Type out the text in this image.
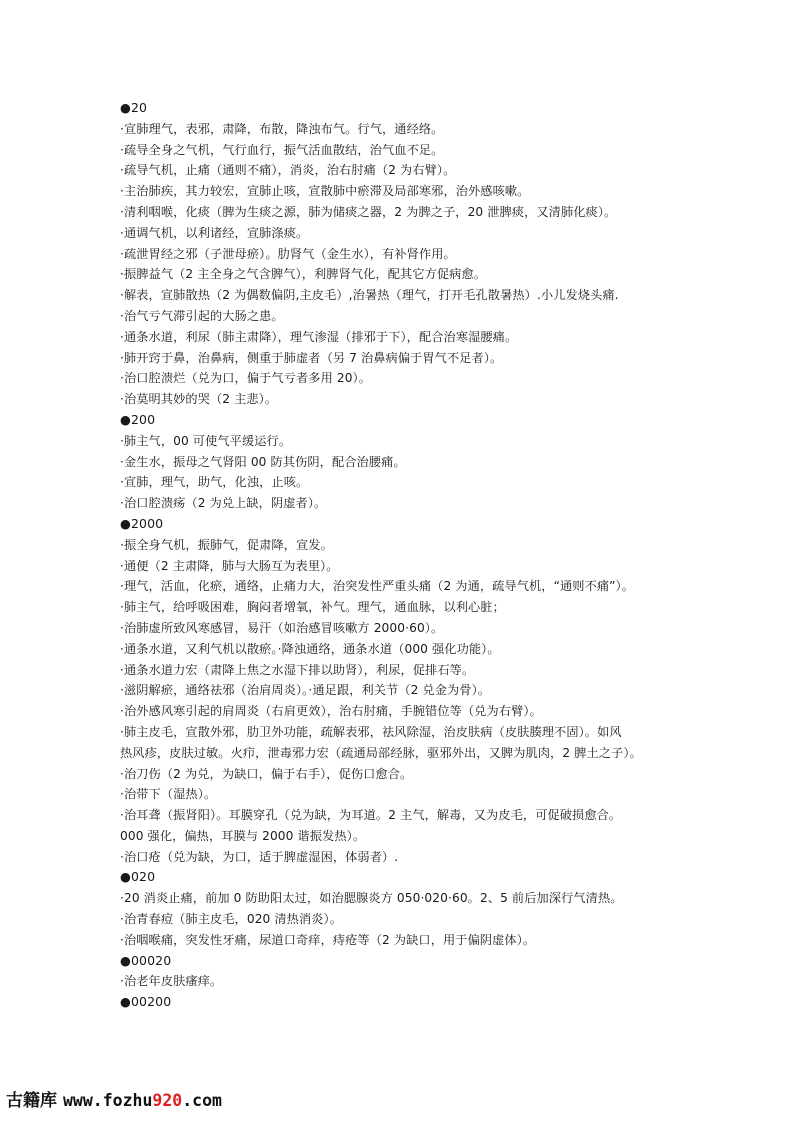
●20
·宣肺理气，表邪，肃降，布散，降浊布气。行气，通经络。
·疏导全身之气机，气行血行，振气活血散结，治气血不足。
·疏导气机，止痛（通则不痛），消炎，治右肘痛（2 为右臂）。
·主治肺疾，其力较宏，宣肺止咳，宣散肺中瘀滞及局部寒邪，治外感咳嗽。
·清利咽喉，化痰（脾为生痰之源，肺为储痰之器，2 为脾之子，20 泄脾痰，又清肺化痰）。
·通调气机，以利诸经，宣肺涤痰。
·疏泄胃经之邪（子泄母瘀）。肋肾气（金生水），有补肾作用。
·振脾益气（2 主全身之气含脾气），利脾肾气化，配其它方促病愈。
·解表，宣肺散热（2 为偶数偏阴,主皮毛）,治暑热（理气，打开毛孔散暑热）.小儿发烧头痛.
·治气亏气滞引起的大肠之患。
·通条水道，利尿（肺主肃降），理气渗湿（排邪于下），配合治寒湿腰痛。
·肺开窍于鼻，治鼻病，侧重于肺虚者（另 7 治鼻病偏于胃气不足者）。
·治口腔溃烂（兑为口，偏于气亏者多用 20）。
·治莫明其妙的哭（2 主悲）。
●200
·肺主气，00 可使气平缓运行。
·金生水，振母之气肾阳 00 防其伤阴，配合治腰痛。
·宣肺，理气，助气，化浊，止咳。
·治口腔溃疡（2 为兑上缺，阴虚者）。
●2000
·振全身气机，振肺气，促肃降，宣发。
·通便（2 主肃降，肺与大肠互为表里）。
·理气，活血，化瘀，通络，止痛力大，治突发性严重头痛（2 为通，疏导气机，“通则不痛”）。
·肺主气，给呼吸困难，胸闷者增氧，补气。理气，通血脉，以利心脏；
·治肺虚所致风寒感冒，易汗（如治感冒咳嗽方 2000·60）。
·通条水道，又利气机以散瘀。·降浊通络，通条水道（000 强化功能）。
·通条水道力宏（肃降上焦之水湿下排以助肾），利尿，促排石等。
·滋阴解瘀，通络祛邪（治肩周炎）。·通足跟，利关节（2 兑金为骨）。
·治外感风寒引起的肩周炎（右肩更效），治右肘痛，手腕错位等（兑为右臂）。
·肺主皮毛，宣散外邪，肋卫外功能，疏解表邪，祛风除湿，治皮肤病（皮肤腠理不固）。如风
热风疹，皮肤过敏。火疖，泄毒邪力宏（疏通局部经脉，驱邪外出，又脾为肌肉，2 脾土之子）。
·治刀伤（2 为兑，为缺口，偏于右手），促伤口愈合。
·治带下（湿热）。
·治耳聋（振肾阳）。耳膜穿孔（兑为缺，为耳道。2 主气，解毒，又为皮毛，可促破损愈合。
000 强化，偏热，耳膜与 2000 谐振发热）。
·治口疮（兑为缺，为口，适于脾虚湿困，体弱者）.
●020
·20 消炎止痛，前加 0 防助阳太过，如治腮腺炎方 050·020·60。2、5 前后加深行气清热。
·治青春痘（肺主皮毛，020 清热消炎）。
·治咽喉痛，突发性牙痛，尿道口奇痒，痔疮等（2 为缺口，用于偏阴虚体）。
●00020
·治老年皮肤瘙痒。
●00200
古籍库 www.fozhu920.com
